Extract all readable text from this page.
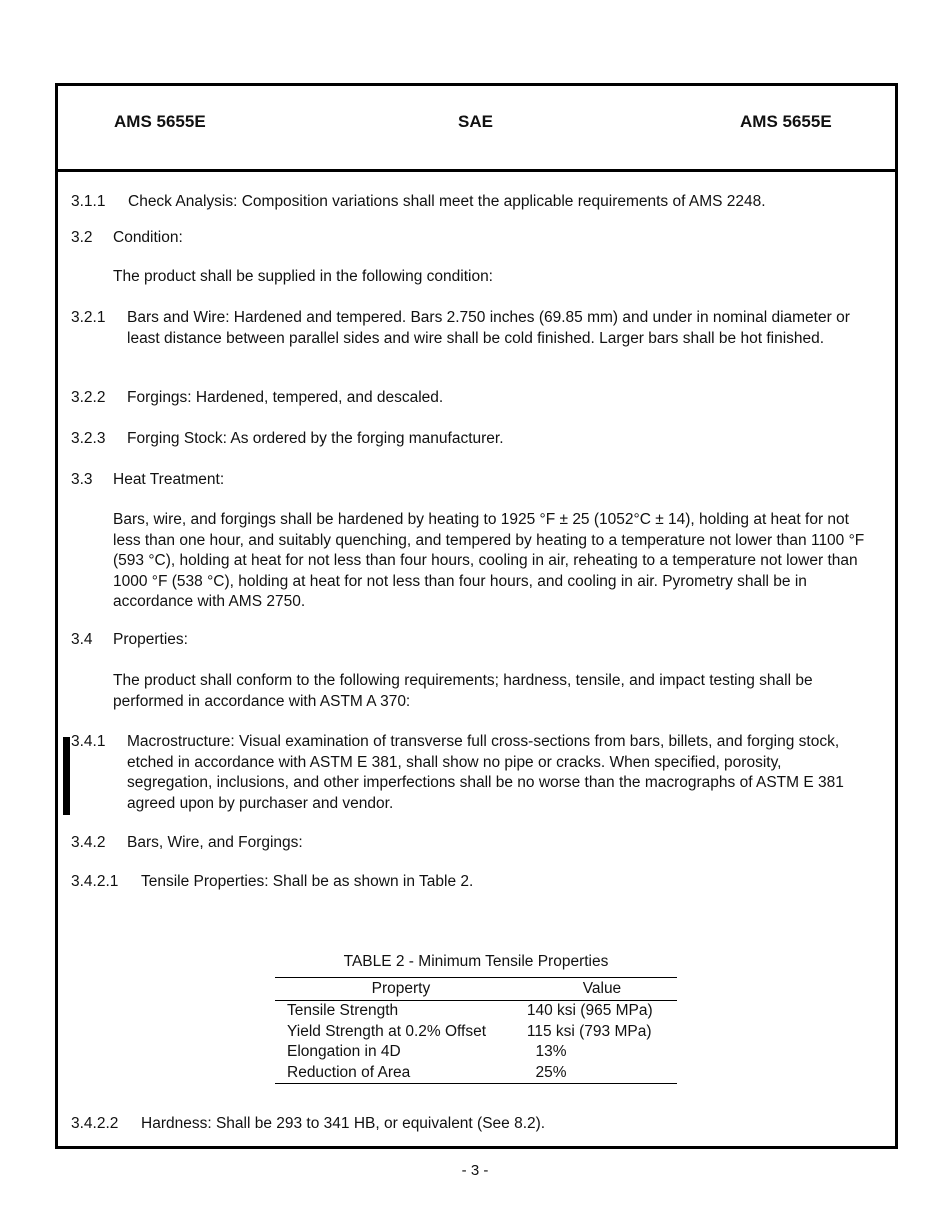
AMS 5655E	SAE	AMS 5655E
3.1.1 Check Analysis: Composition variations shall meet the applicable requirements of AMS 2248.
3.2 Condition:
The product shall be supplied in the following condition:
3.2.1 Bars and Wire: Hardened and tempered. Bars 2.750 inches (69.85 mm) and under in nominal diameter or least distance between parallel sides and wire shall be cold finished. Larger bars shall be hot finished.
3.2.2 Forgings: Hardened, tempered, and descaled.
3.2.3 Forging Stock: As ordered by the forging manufacturer.
3.3 Heat Treatment:
Bars, wire, and forgings shall be hardened by heating to 1925 °F ± 25 (1052°C ± 14), holding at heat for not less than one hour, and suitably quenching, and tempered by heating to a temperature not lower than 1100 °F (593 °C), holding at heat for not less than four hours, cooling in air, reheating to a temperature not lower than 1000 °F (538 °C), holding at heat for not less than four hours, and cooling in air. Pyrometry shall be in accordance with AMS 2750.
3.4 Properties:
The product shall conform to the following requirements; hardness, tensile, and impact testing shall be performed in accordance with ASTM A 370:
3.4.1 Macrostructure: Visual examination of transverse full cross-sections from bars, billets, and forging stock, etched in accordance with ASTM E 381, shall show no pipe or cracks. When specified, porosity, segregation, inclusions, and other imperfections shall be no worse than the macrographs of ASTM E 381 agreed upon by purchaser and vendor.
3.4.2 Bars, Wire, and Forgings:
3.4.2.1 Tensile Properties: Shall be as shown in Table 2.
TABLE 2 - Minimum Tensile Properties
Property	Value
Tensile Strength	140 ksi (965 MPa)
Yield Strength at 0.2% Offset	115 ksi (793 MPa)
Elongation in 4D	13%
Reduction of Area	25%
3.4.2.2 Hardness: Shall be 293 to 341 HB, or equivalent (See 8.2).
- 3 -
